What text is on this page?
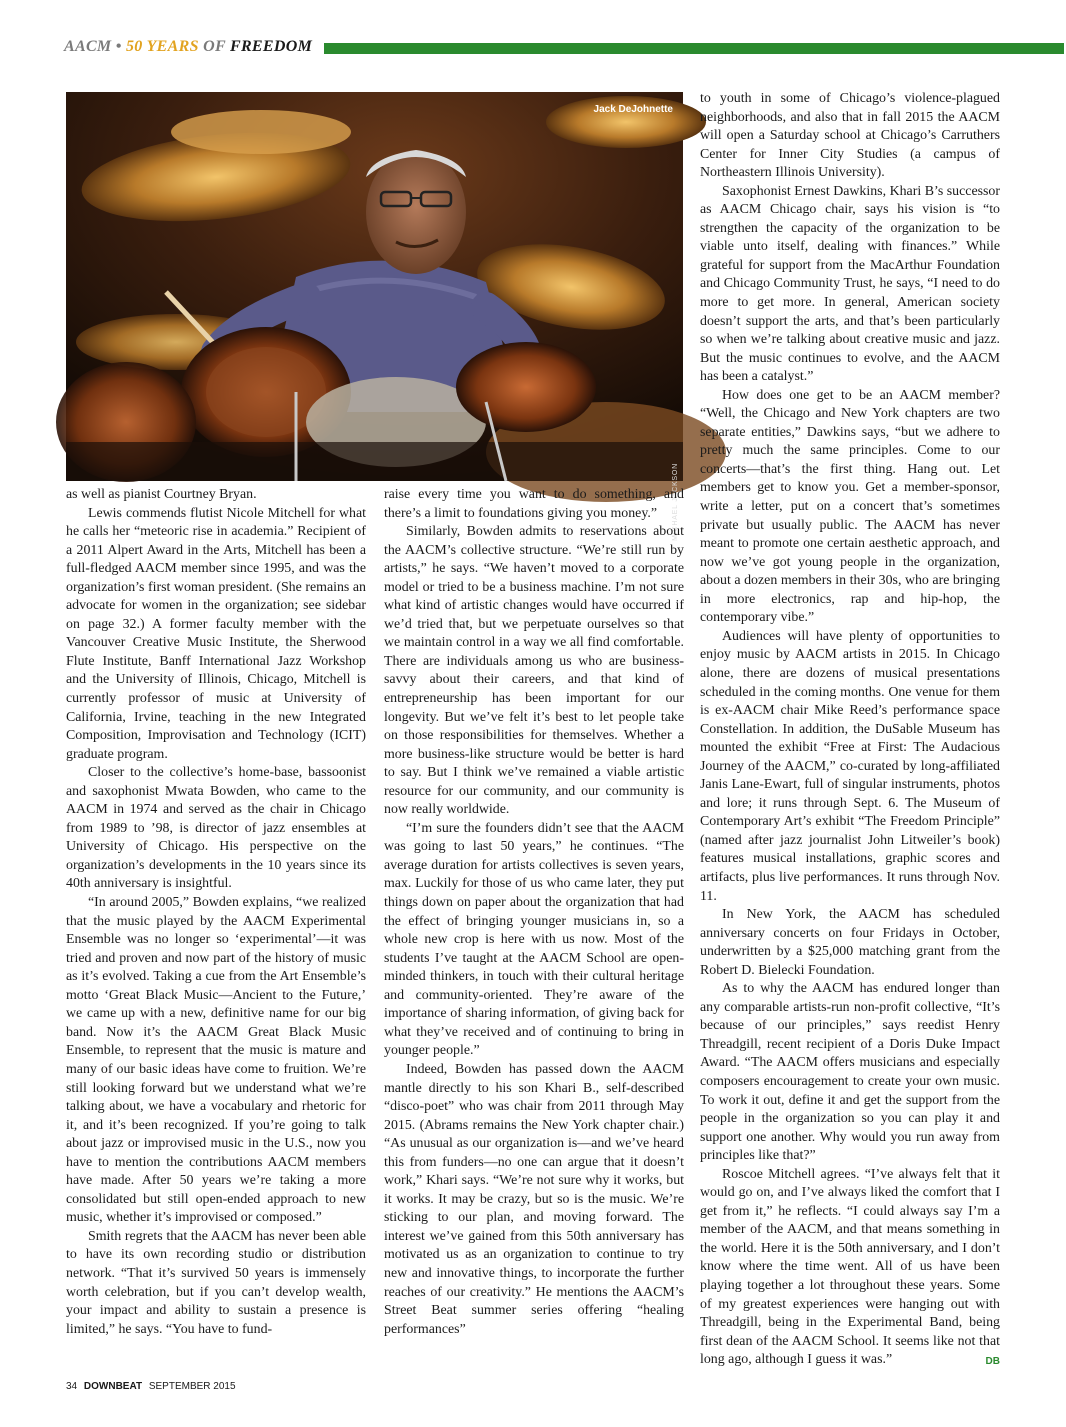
AACM • 50 YEARS OF FREEDOM
Jack DeJohnette
MICHAEL JACKSON

as well as pianist Courtney Bryan.

Lewis commends flutist Nicole Mitchell for what he calls her “meteoric rise in academia.” Recipient of a 2011 Alpert Award in the Arts, Mitchell has been a full-fledged AACM member since 1995, and was the organization’s first woman president. (She remains an advocate for women in the organization; see sidebar on page 32.) A former faculty member with the Vancouver Creative Music Institute, the Sherwood Flute Institute, Banff International Jazz Workshop and the University of Illinois, Chicago, Mitchell is currently professor of music at University of California, Irvine, teaching in the new Integrated Composition, Improvisation and Technology (ICIT) graduate program.

Closer to the collective’s home-base, bassoonist and saxophonist Mwata Bowden, who came to the AACM in 1974 and served as the chair in Chicago from 1989 to ’98, is director of jazz ensembles at University of Chicago. His perspective on the organization’s developments in the 10 years since its 40th anniversary is insightful.

“In around 2005,” Bowden explains, “we realized that the music played by the AACM Experimental Ensemble was no longer so ‘experimental’—it was tried and proven and now part of the history of music as it’s evolved. Taking a cue from the Art Ensemble’s motto ‘Great Black Music—Ancient to the Future,’ we came up with a new, definitive name for our big band. Now it’s the AACM Great Black Music Ensemble, to represent that the music is mature and many of our basic ideas have come to fruition. We’re still looking forward but we understand what we’re talking about, we have a vocabulary and rhetoric for it, and it’s been recognized. If you’re going to talk about jazz or improvised music in the U.S., now you have to mention the contributions AACM members have made. After 50 years we’re taking a more consolidated but still open-ended approach to new music, whether it’s improvised or composed.”

Smith regrets that the AACM has never been able to have its own recording studio or distribution network. “That it’s survived 50 years is immensely worth celebration, but if you can’t develop wealth, your impact and ability to sustain a presence is limited,” he says. “You have to fund-

raise every time you want to do something, and there’s a limit to foundations giving you money.”

Similarly, Bowden admits to reservations about the AACM’s collective structure. “We’re still run by artists,” he says. “We haven’t moved to a corporate model or tried to be a business machine. I’m not sure what kind of artistic changes would have occurred if we’d tried that, but we perpetuate ourselves so that we maintain control in a way we all find comfortable. There are individuals among us who are business-savvy about their careers, and that kind of entrepreneurship has been important for our longevity. But we’ve felt it’s best to let people take on those responsibilities for themselves. Whether a more business-like structure would be better is hard to say. But I think we’ve remained a viable artistic resource for our community, and our community is now really worldwide.

“I’m sure the founders didn’t see that the AACM was going to last 50 years,” he continues. “The average duration for artists collectives is seven years, max. Luckily for those of us who came later, they put things down on paper about the organization that had the effect of bringing younger musicians in, so a whole new crop is here with us now. Most of the students I’ve taught at the AACM School are open-minded thinkers, in touch with their cultural heritage and community-oriented. They’re aware of the importance of sharing information, of giving back for what they’ve received and of continuing to bring in younger people.”

Indeed, Bowden has passed down the AACM mantle directly to his son Khari B., self-described “disco-poet” who was chair from 2011 through May 2015. (Abrams remains the New York chapter chair.) “As unusual as our organization is—and we’ve heard this from funders—no one can argue that it doesn’t work,” Khari says. “We’re not sure why it works, but it works. It may be crazy, but so is the music. We’re sticking to our plan, and moving forward. The interest we’ve gained from this 50th anniversary has motivated us as an organization to continue to try new and innovative things, to incorporate the further reaches of our creativity.” He mentions the AACM’s Street Beat summer series offering “healing performances”

to youth in some of Chicago’s violence-plagued neighborhoods, and also that in fall 2015 the AACM will open a Saturday school at Chicago’s Carruthers Center for Inner City Studies (a campus of Northeastern Illinois University).

Saxophonist Ernest Dawkins, Khari B’s successor as AACM Chicago chair, says his vision is “to strengthen the capacity of the organization to be viable unto itself, dealing with finances.” While grateful for support from the MacArthur Foundation and Chicago Community Trust, he says, “I need to do more to get more. In general, American society doesn’t support the arts, and that’s been particularly so when we’re talking about creative music and jazz. But the music continues to evolve, and the AACM has been a catalyst.”

How does one get to be an AACM member? “Well, the Chicago and New York chapters are two separate entities,” Dawkins says, “but we adhere to pretty much the same principles. Come to our concerts—that’s the first thing. Hang out. Let members get to know you. Get a member-sponsor, write a letter, put on a concert that’s sometimes private but usually public. The AACM has never meant to promote one certain aesthetic approach, and now we’ve got young people in the organization, about a dozen members in their 30s, who are bringing in more electronics, rap and hip-hop, the contemporary vibe.”

Audiences will have plenty of opportunities to enjoy music by AACM artists in 2015. In Chicago alone, there are dozens of musical presentations scheduled in the coming months. One venue for them is ex-AACM chair Mike Reed’s performance space Constellation. In addition, the DuSable Museum has mounted the exhibit “Free at First: The Audacious Journey of the AACM,” co-curated by long-affiliated Janis Lane-Ewart, full of singular instruments, photos and lore; it runs through Sept. 6. The Museum of Contemporary Art’s exhibit “The Freedom Principle” (named after jazz journalist John Litweiler’s book) features musical installations, graphic scores and artifacts, plus live performances. It runs through Nov. 11.

In New York, the AACM has scheduled anniversary concerts on four Fridays in October, underwritten by a $25,000 matching grant from the Robert D. Bielecki Foundation.

As to why the AACM has endured longer than any comparable artists-run non-profit collective, “It’s because of our principles,” says reedist Henry Threadgill, recent recipient of a Doris Duke Impact Award. “The AACM offers musicians and especially composers encouragement to create your own music. To work it out, define it and get the support from the people in the organization so you can play it and support one another. Why would you run away from principles like that?”

Roscoe Mitchell agrees. “I’ve always felt that it would go on, and I’ve always liked the comfort that I get from it,” he reflects. “I could always say I’m a member of the AACM, and that means something in the world. Here it is the 50th anniversary, and I don’t know where the time went. All of us have been playing together a lot throughout these years. Some of my greatest experiences were hanging out with Threadgill, being in the Experimental Band, being first dean of the AACM School. It seems like not that long ago, although I guess it was.”	DB

34 DOWNBEAT SEPTEMBER 2015
